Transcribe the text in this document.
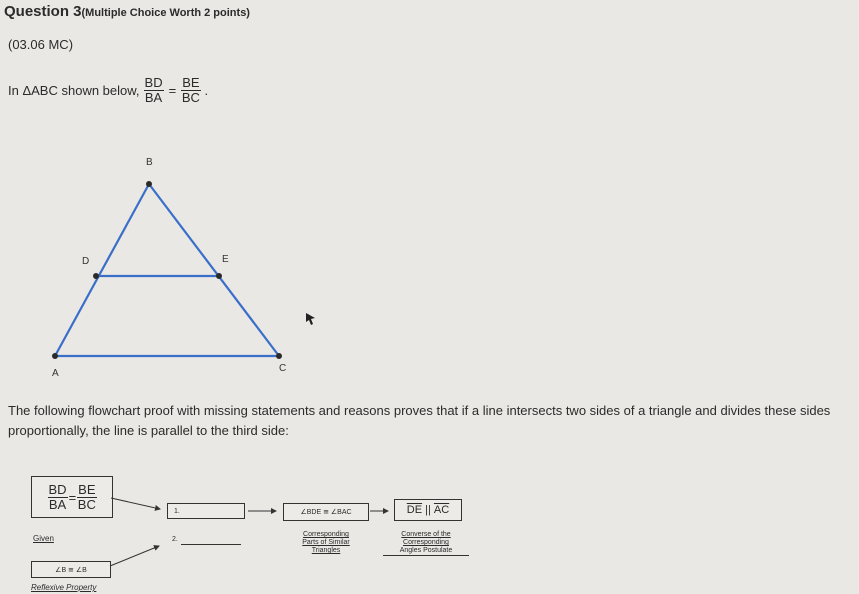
Question 3(Multiple Choice Worth 2 points)
(03.06 MC)
In ΔABC shown below, $\frac{BD}{BA} = \frac{BE}{BC}$ .
B
D	E
A	C
The following flowchart proof with missing statements and reasons proves that if a line intersects two sides of a triangle and divides these sides proportionally, the line is parallel to the third side:
$\frac{BD}{BA} = \frac{BE}{BC}$
Given
1.
2.
∠BDE ≅ ∠BAC
Corresponding
Parts of Similar
Triangles
$\overline{DE}$ || $\overline{AC}$
Converse of the
Corresponding
Angles Postulate
∠B ≅ ∠B
Reflexive Property
